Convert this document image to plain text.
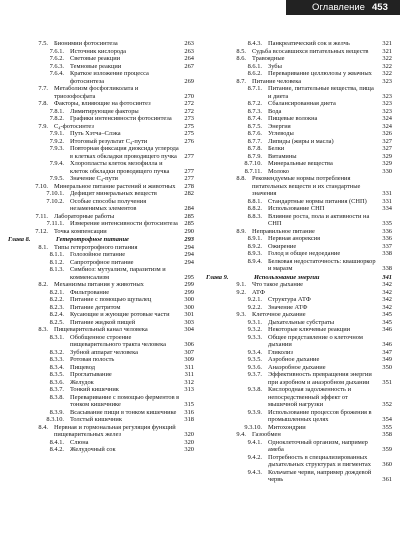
Оглавление 453
7.5. Бионимии фотосинтеза	263
7.6.1. Источник кислорода	263
7.6.2. Световые реакции	264
7.6.3. Темновые реакции	267
7.6.4. Краткое изложение процесса фотосинтеза	269
7.7. Метаболизм фосфогликолата и триозофосфата	270
7.8. Факторы, влияющие на фотосинтез	272
7.8.1. Лимитирующие факторы	272
7.8.2. Графики интенсивности фотосинтеза	273
7.9. C₄-фотосинтез	275
7.9.1. Путь Хэтча–Слэка	275
7.9.2. Итоговый результат C₄-пути	276
7.9.3. Повторная фиксация диоксида углерода в клетках обкладки проводящего пучка	277
7.9.4. Хлоропласты клеток мезофилла и клеток обкладки проводящего пучка	277
7.9.5. Значение C₄-пути	277
7.10. Минеральное питание растений и животных	278
7.10.1. Дефицит минеральных веществ	282
7.10.2. Особые способы получения незаменимых элементов	284
7.11. Лабораторные работы	285
7.11.1. Измерение интенсивности фотосинтеза	285
7.12. Точка компенсации	290
Глава 8.	Гетеротрофное питание	293
8.1. Типы гетеротрофного питания	294
8.1.1. Голозойное питание	294
8.1.2. Сапротрофное питание	294
8.1.3. Симбиоз: мутуализм, паразитизм и комменсализм	295
8.2. Механизмы питания у животных	299
8.2.1. Фильтрование	299
8.2.2. Питание с помощью щупалец	300
8.2.3. Питание детритом	300
8.2.4. Кусающие и жующие ротовые части	301
8.2.5. Питание жидкой пищей	303
8.3. Пищеварительный канал человека	304
8.3.1. Обобщенное строение пищеварительного тракта человека	306
8.3.2. Зубной аппарат человека	307
8.3.3. Ротовая полость	309
8.3.4. Пищевод	311
8.3.5. Проглатывание	311
8.3.6. Желудок	312
8.3.7. Тонкий кишечник	313
8.3.8. Переваривание с помощью ферментов в тонком кишечнике	315
8.3.9. Всасывание пищи в тонком кишечнике	316
8.3.10. Толстый кишечник	318
8.4. Нервная и гормональная регуляция функций пищеварительных желез	320
8.4.1. Слюна	320
8.4.2. Желудочный сок	320
8.4.3. Панкреатический сок и желчь	321
8.5. Судьба всосавшихся питательных веществ	321
8.6. Травоядные	322
8.6.1. Зубы	322
8.6.2. Переваривание целлюлозы у жвачных	322
8.7. Питание человека	323
8.7.1. Питание, питательные вещества, пища и диета	323
8.7.2. Сбалансированная диета	323
8.7.3. Вода	323
8.7.4. Пищевые волокна	324
8.7.5. Энергия	324
8.7.6. Углеводы	326
8.7.7. Липиды (жиры и масла)	327
8.7.8. Белки	327
8.7.9. Витамины	329
8.7.10. Минеральные вещества	329
8.7.11. Молоко	330
8.8. Рекомендуемые нормы потребления питательных веществ и их стандартные значения	331
8.8.1. Стандартные нормы питания (СНП)	331
8.8.2. Использование СНП	334
8.8.3. Влияние роста, пола и активности на СНП	335
8.9. Неправильное питание	336
8.9.1. Нервная анорексия	336
8.9.2. Ожирение	337
8.9.3. Голод и общее недоедание	338
8.9.4. Белковая недостаточность: квашиоркор и маразм	338
Глава 9.	Использование энергии	341
9.1. Что такое дыхание	342
9.2. АТФ	342
9.2.1. Структура АТФ	342
9.2.2. Значение АТФ	342
9.3. Клеточное дыхание	345
9.3.1. Дыхательные субстраты	345
9.3.2. Некоторые ключевые реакции	346
9.3.3. Общее представление о клеточном дыхании	346
9.3.4. Гликолиз	347
9.3.5. Аэробное дыхание	349
9.3.6. Анаэробное дыхание	350
9.3.7. Эффективность превращения энергии при аэробном и анаэробном дыхании	351
9.3.8. Кислородная задолженность и непосредственный эффект от мышечной нагрузки	352
9.3.9. Использование процессов брожения в промышленных целях	354
9.3.10. Митохондрии	355
9.4. Газообмен	358
9.4.1. Одноклеточный организм, например амеба	359
9.4.2. Потребность в специализированных дыхательных структурах и пигментах	360
9.4.3. Кольчатые черви, например дождевой червь	361
